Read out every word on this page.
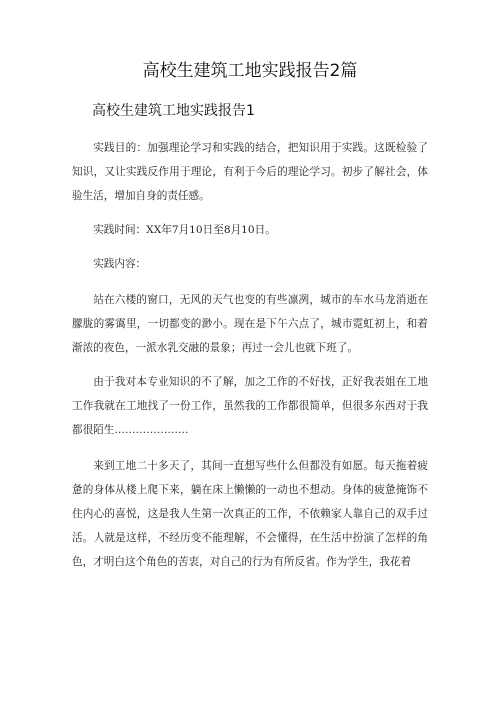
高校生建筑工地实践报告2篇
高校生建筑工地实践报告1

实践目的：加强理论学习和实践的结合，把知识用于实践。这既检验了知识，又让实践反作用于理论，有利于今后的理论学习。初步了解社会，体验生活，增加自身的责任感。

实践时间：XX年7月10日至8月10日。

实践内容：

站在六楼的窗口，无风的天气也变的有些凛冽，城市的车水马龙消逝在朦胧的雾霭里，一切都变的渺小。现在是下午六点了，城市霓虹初上，和着渐浓的夜色，一派水乳交融的景象；再过一会儿也就下班了。

由于我对本专业知识的不了解，加之工作的不好找，正好我表姐在工地工作我就在工地找了一份工作，虽然我的工作都很简单，但很多东西对于我都很陌生…………………

来到工地二十多天了，其间一直想写些什么但都没有如愿。每天拖着疲惫的身体从楼上爬下来，躺在床上懒懒的一动也不想动。身体的疲惫掩饰不住内心的喜悦，这是我人生第一次真正的工作，不依赖家人靠自己的双手过活。人就是这样，不经历变不能理解，不会懂得，在生活中扮演了怎样的角色，才明白这个角色的苦衷，对自己的行为有所反省。作为学生，我花着
